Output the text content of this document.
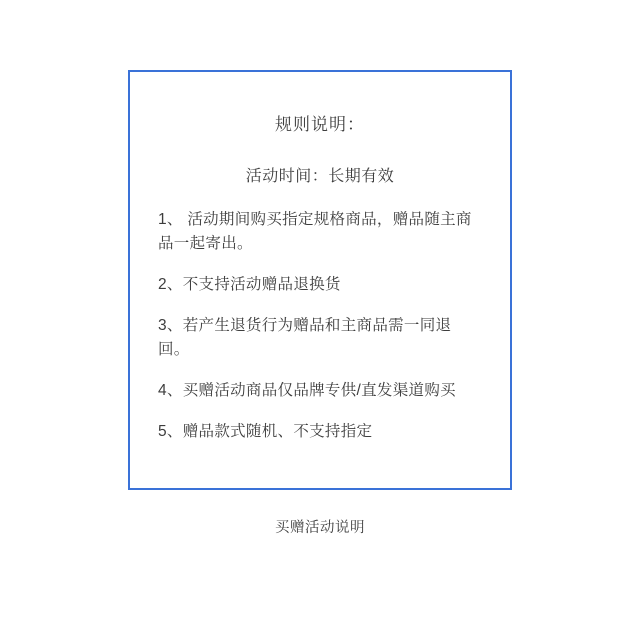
规则说明：
活动时间：长期有效
1、 活动期间购买指定规格商品，赠品随主商品一起寄出。
2、不支持活动赠品退换货
3、若产生退货行为赠品和主商品需一同退回。
4、买赠活动商品仅品牌专供/直发渠道购买
5、赠品款式随机、不支持指定
买赠活动说明
